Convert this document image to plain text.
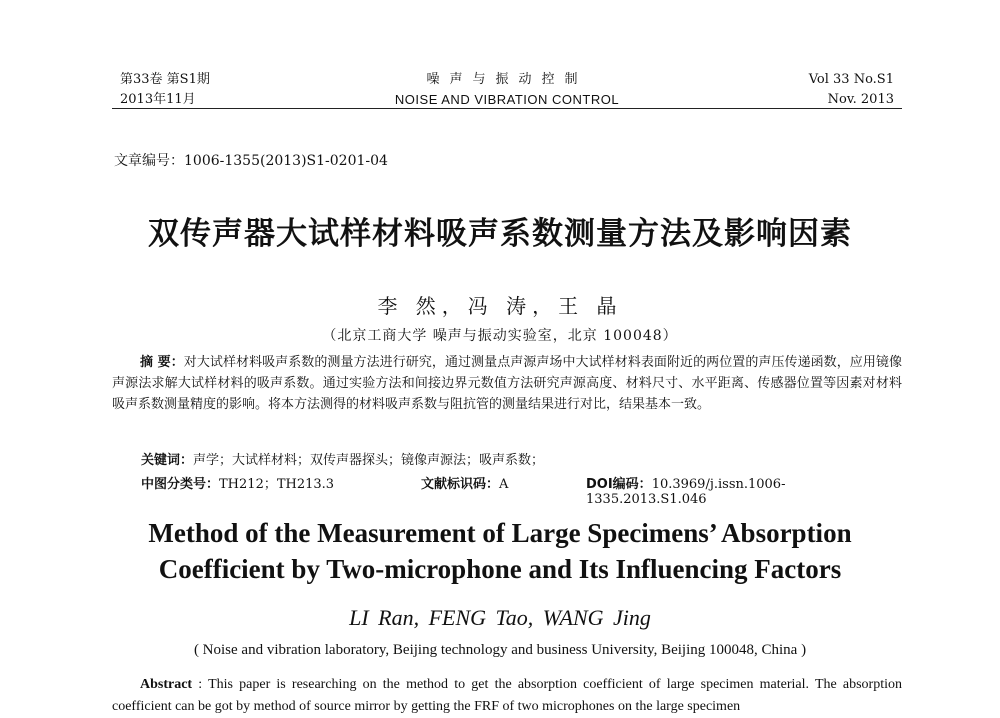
第33卷 第S1期
2013年11月
噪声与振动控制
NOISE AND VIBRATION CONTROL
Vol 33 No.S1
Nov. 2013
文章编号：1006-1355(2013)S1-0201-04
双传声器大试样材料吸声系数测量方法及影响因素
李 然，冯 涛，王 晶
（北京工商大学 噪声与振动实验室，北京 100048）
摘 要：对大试样材料吸声系数的测量方法进行研究，通过测量点声源声场中大试样材料表面附近的两位置的声压传递函数，应用镜像声源法求解大试样材料的吸声系数。通过实验方法和间接边界元数值方法研究声源高度、材料尺寸、水平距离、传感器位置等因素对材料吸声系数测量精度的影响。将本方法测得的材料吸声系数与阻抗管的测量结果进行对比，结果基本一致。
关键词：声学；大试样材料；双传声器探头；镜像声源法；吸声系数；
中图分类号：TH212；TH213.3	文献标识码：A	DOI编码：10.3969/j.issn.1006-1335.2013.S1.046
Method of the Measurement of Large Specimens’ Absorption
Coefficient by Two-microphone and Its Influencing Factors
LI Ran, FENG Tao, WANG Jing
( Noise and vibration laboratory, Beijing technology and business University, Beijing 100048, China )
Abstract : This paper is researching on the method to get the absorption coefficient of large specimen material. The absorption coefficient can be got by method of source mirror by getting the FRF of two microphones on the large specimen
